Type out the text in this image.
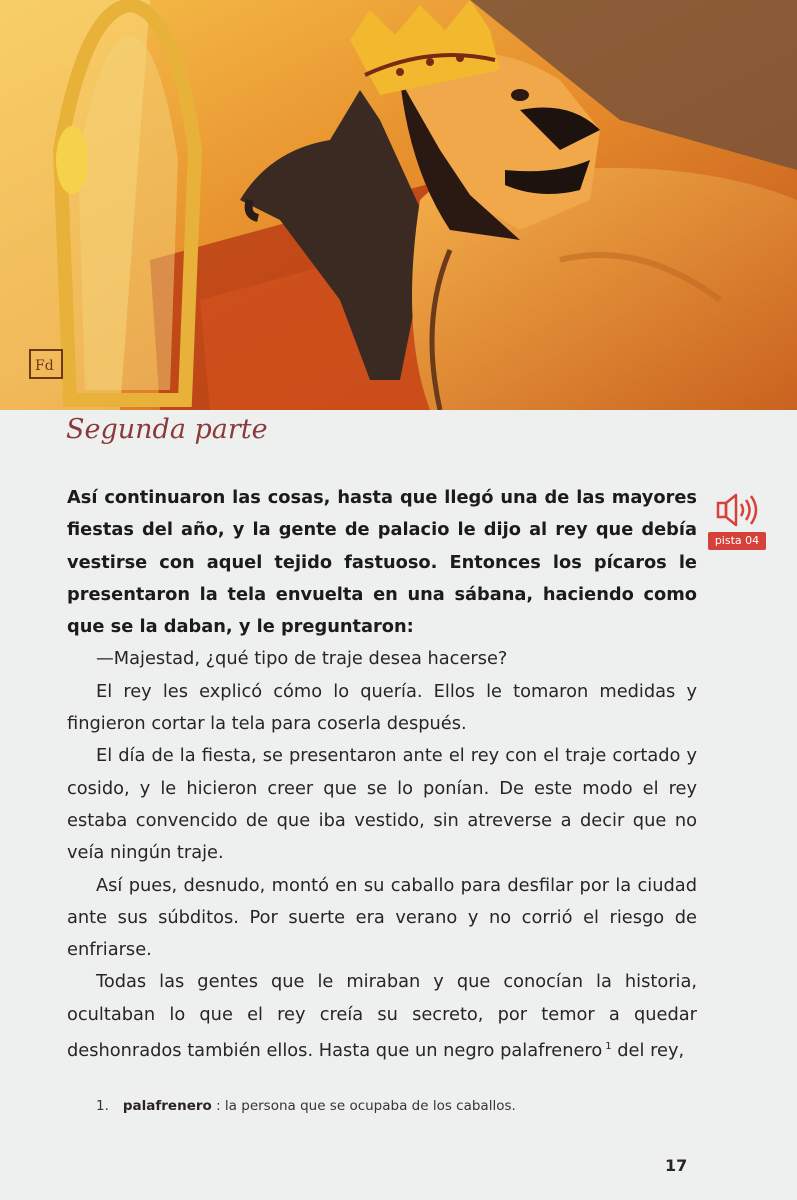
Fd
Segunda parte
pista 04

Así continuaron las cosas, hasta que llegó una de las mayores fiestas del año, y la gente de palacio le dijo al rey que debía vestirse con aquel tejido fastuoso. Entonces los pícaros le presentaron la tela envuelta en una sábana, haciendo como que se la daban, y le preguntaron:

—Majestad, ¿qué tipo de traje desea hacerse?

El rey les explicó cómo lo quería. Ellos le tomaron medidas y fingieron cortar la tela para coserla después.

El día de la fiesta, se presentaron ante el rey con el traje cortado y cosido, y le hicieron creer que se lo ponían. De este modo el rey estaba convencido de que iba vestido, sin atreverse a decir que no veía ningún traje.

Así pues, desnudo, montó en su caballo para desfilar por la ciudad ante sus súbditos. Por suerte era verano y no corrió el riesgo de enfriarse.

Todas las gentes que le miraban y que conocían la historia, ocultaban lo que el rey creía su secreto, por temor a quedar deshonrados también ellos. Hasta que un negro palafrenero $^1$ del rey,

1. palafrenero : la persona que se ocupaba de los caballos.
17
